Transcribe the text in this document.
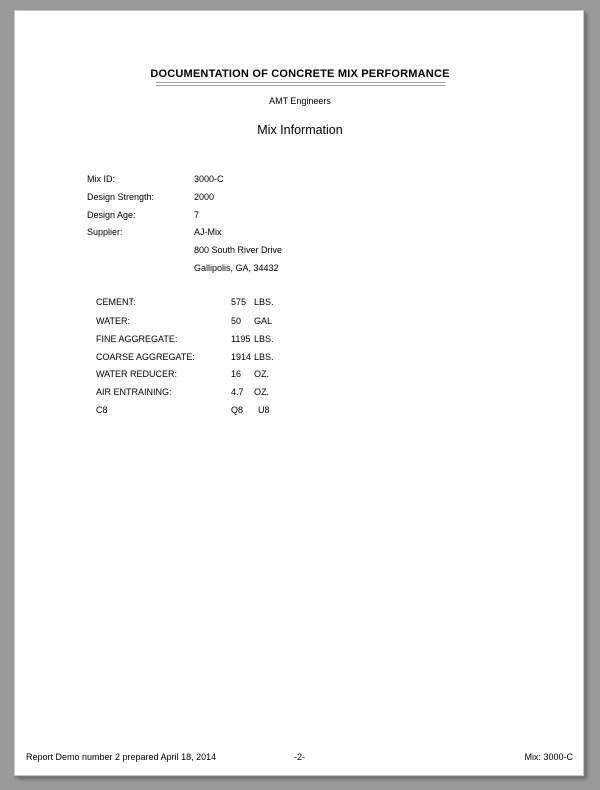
DOCUMENTATION OF CONCRETE MIX PERFORMANCE
AMT Engineers
Mix Information
Mix ID:	3000-C
Design Strength:	2000
Design Age:	7
Supplier:	AJ-Mix
800 South River Drive
Gallipolis, GA, 34432
CEMENT:	575 LBS.
WATER:	50 GAL
FINE AGGREGATE:	1195 LBS.
COARSE AGGREGATE:	1914 LBS.
WATER REDUCER:	16 OZ.
AIR ENTRAINING:	4.7 OZ.
C8	Q8 U8
Report Demo number 2 prepared April 18, 2014	-2-	Mix: 3000-C
